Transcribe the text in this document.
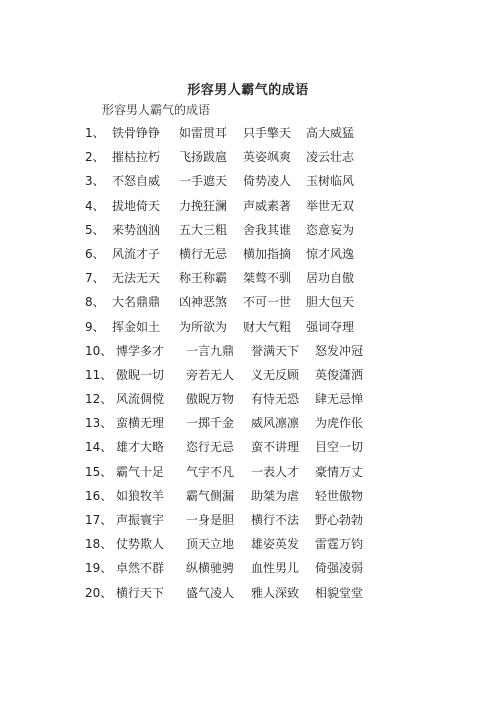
形容男人霸气的成语
形容男人霸气的成语
1、 铁骨铮铮 如雷贯耳 只手擎天 高大威猛
2、 摧枯拉朽 飞扬跋扈 英姿飒爽 凌云壮志
3、 不怒自威 一手遮天 倚势凌人 玉树临风
4、 拔地倚天 力挽狂澜 声威素著 举世无双
5、 来势汹汹 五大三粗 舍我其谁 恣意妄为
6、 风流才子 横行无忌 横加指摘 惊才风逸
7、 无法无天 称王称霸 桀骜不驯 居功自傲
8、 大名鼎鼎 凶神恶煞 不可一世 胆大包天
9、 挥金如土 为所欲为 财大气粗 强词夺理
10、 博学多才 一言九鼎 誉满天下 怒发冲冠
11、 傲睨一切 旁若无人 义无反顾 英俊潇洒
12、 风流倜傥 傲睨万物 有恃无恐 肆无忌惮
13、 蛮横无理 一掷千金 威风凛凛 为虎作伥
14、 雄才大略 恣行无忌 蛮不讲理 目空一切
15、 霸气十足 气宇不凡 一表人才 豪情万丈
16、 如狼牧羊 霸气侧漏 助桀为虐 轻世傲物
17、 声振寰宇 一身是胆 横行不法 野心勃勃
18、 仗势欺人 顶天立地 雄姿英发 雷霆万钧
19、 卓然不群 纵横驰骋 血性男儿 倚强凌弱
20、 横行天下 盛气凌人 雅人深致 相貌堂堂
